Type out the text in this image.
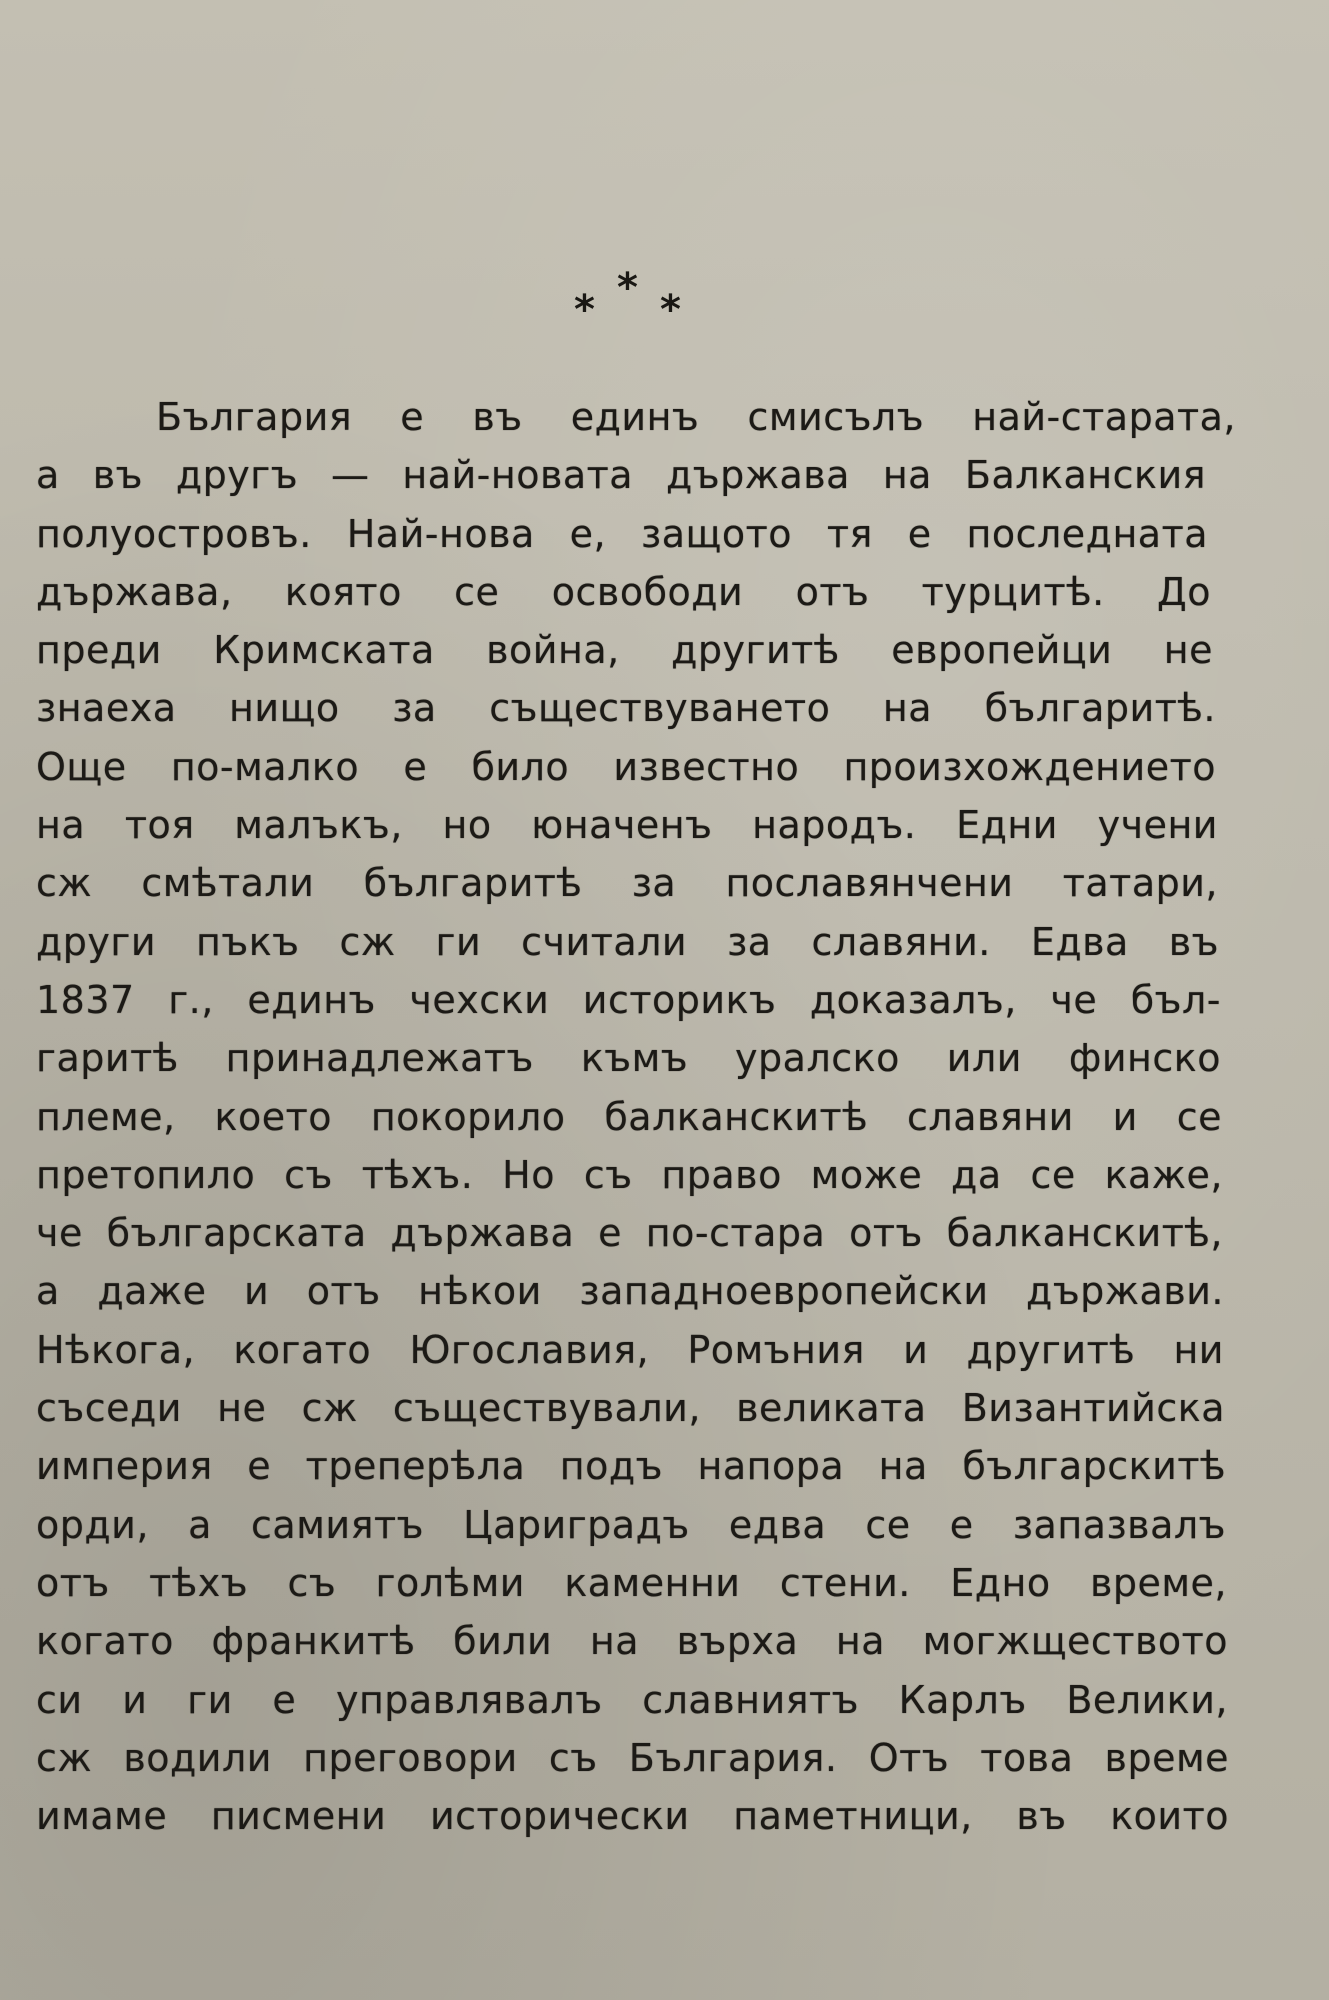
* * *
България е въ единъ смисълъ най-старата,
а въ другъ — най-новата държава на Балканския
полуостровъ. Най-нова е, защото тя е последната
държава, която се освободи отъ турцитѣ. До
преди Кримската война, другитѣ европейци не
знаеха нищо за съществуването на българитѣ.
Още по-малко е било известно произхождението
на тоя малъкъ, но юначенъ народъ. Едни учени
сж смѣтали българитѣ за пославянчени татари,
други пъкъ сж ги считали за славяни. Едва въ
1837 г., единъ чехски историкъ доказалъ, че бъл-
гаритѣ принадлежатъ къмъ уралско или финско
племе, което покорило балканскитѣ славяни и се
претопило съ тѣхъ. Но съ право може да се каже,
че българската държава е по-стара отъ балканскитѣ,
а даже и отъ нѣкои западноевропейски държави.
Нѣкога, когато Югославия, Ромъния и другитѣ ни
съседи не сж съществували, великата Византийска
империя е треперѣла подъ напора на българскитѣ
орди, а самиятъ Цариградъ едва се е запазвалъ
отъ тѣхъ съ голѣми каменни стени. Едно време,
когато франкитѣ били на върха на могжществото
си и ги е управлявалъ славниятъ Карлъ Велики,
сж водили преговори съ България. Отъ това време
имаме писмени исторически паметници, въ които
